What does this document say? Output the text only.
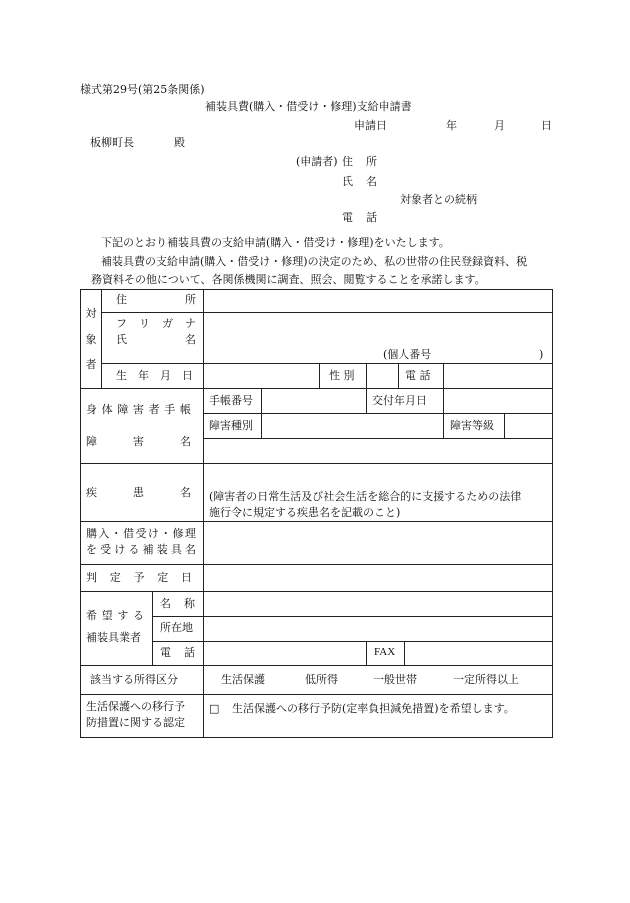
様式第29号(第25条関係)
補装具費(購入・借受け・修理)支給申請書
申請日	年	月	日
板柳町長	殿
(申請者) 住 所
氏 名
対象者との続柄
電 話
下記のとおり補装具費の支給申請(購入・借受け・修理)をいたします。
補装具費の支給申請(購入・借受け・修理)の決定のため、私の世帯の住民登録資料、税
務資料その他について、各関係機関に調査、照会、閲覧することを承諾します。
対
象
者
住	所
フ リ ガ ナ
氏	名
(個人番号	)
生 年 月 日	性 別	電 話
身 体 障 害 者 手 帳
手帳番号	交付年月日
障	害	名
障害種別	障害等級
疾	患	名 (障害者の日常生活及び社会生活を総合的に支援するための法律
施行令に規定する疾患名を記載のこと)
購 入 ・ 借 受 け ・ 修 理
を 受 け る 補 装 具 名
判 定 予 定 日
希 望 す る
補装具業者
名 称
所在地
電 話	FAX
該当する所得区分	生活保護	低所得	一般世帯	一定所得以上
生活保護への移行予
防措置に関する認定
□ 生活保護への移行予防(定率負担減免措置)を希望します。
